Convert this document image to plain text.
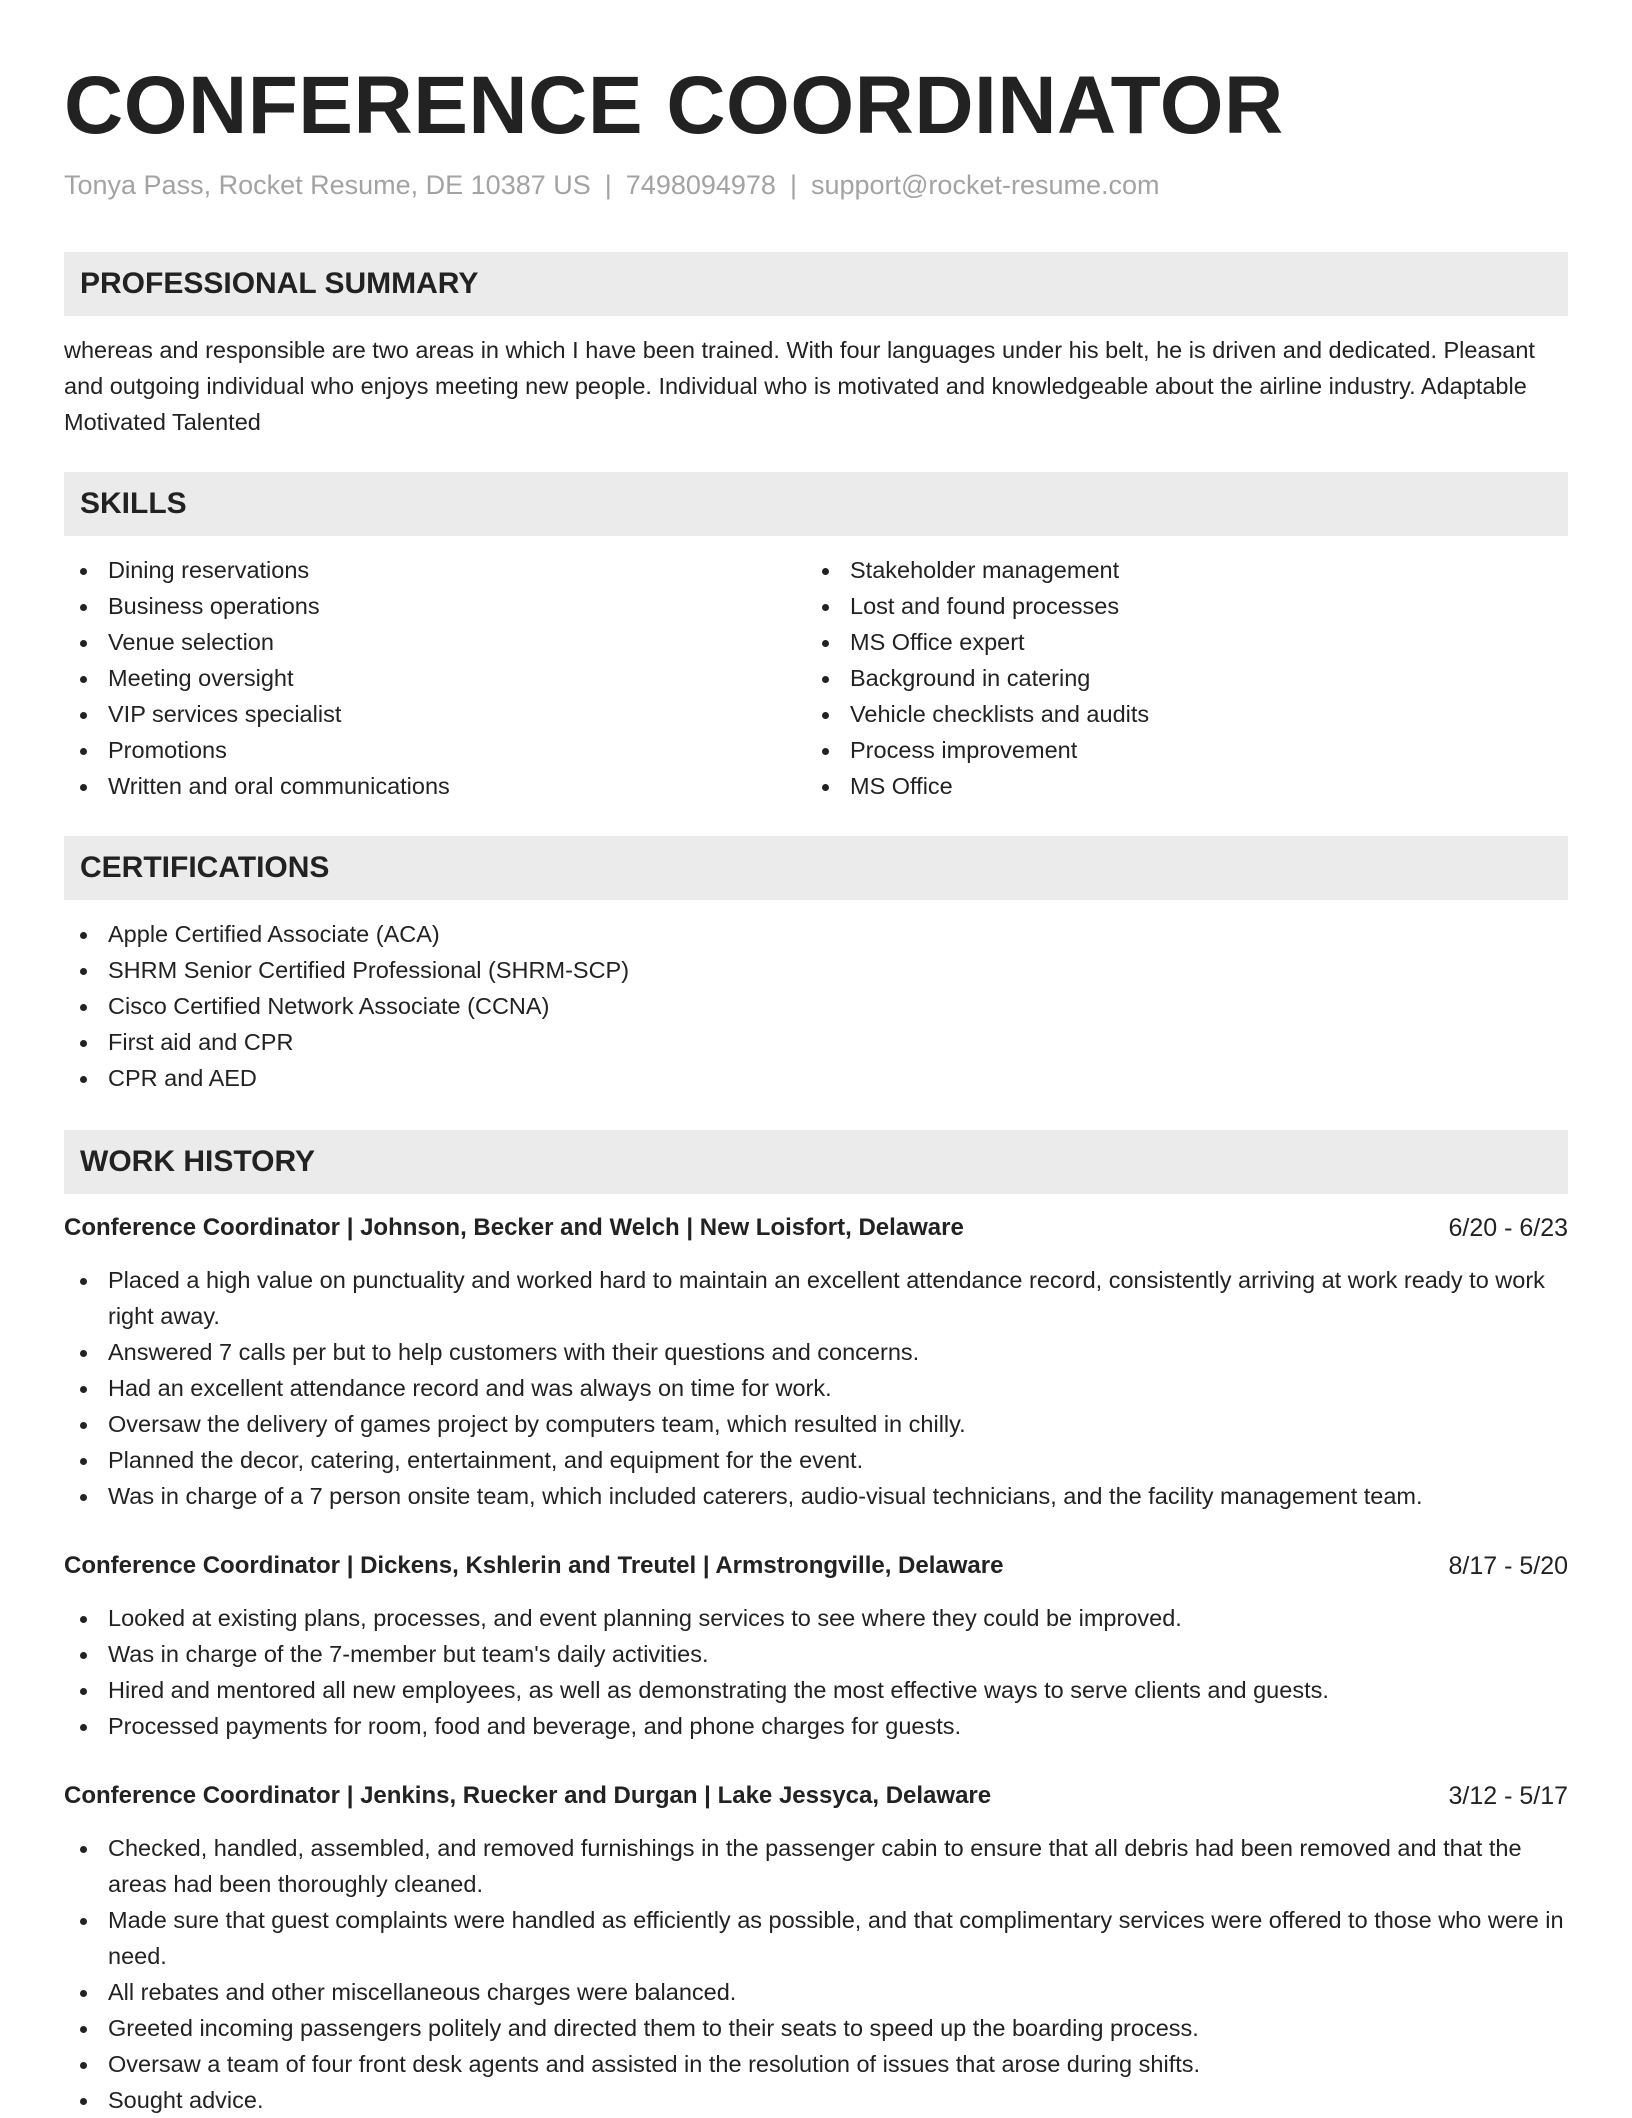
CONFERENCE COORDINATOR
Tonya Pass, Rocket Resume, DE 10387 US | 7498094978 | support@rocket-resume.com
PROFESSIONAL SUMMARY
whereas and responsible are two areas in which I have been trained. With four languages under his belt, he is driven and dedicated. Pleasant and outgoing individual who enjoys meeting new people. Individual who is motivated and knowledgeable about the airline industry. Adaptable Motivated Talented
SKILLS
Dining reservations
Business operations
Venue selection
Meeting oversight
VIP services specialist
Promotions
Written and oral communications
Stakeholder management
Lost and found processes
MS Office expert
Background in catering
Vehicle checklists and audits
Process improvement
MS Office
CERTIFICATIONS
Apple Certified Associate (ACA)
SHRM Senior Certified Professional (SHRM-SCP)
Cisco Certified Network Associate (CCNA)
First aid and CPR
CPR and AED
WORK HISTORY
Conference Coordinator | Johnson, Becker and Welch | New Loisfort, Delaware	6/20 - 6/23
Placed a high value on punctuality and worked hard to maintain an excellent attendance record, consistently arriving at work ready to work right away.
Answered 7 calls per but to help customers with their questions and concerns.
Had an excellent attendance record and was always on time for work.
Oversaw the delivery of games project by computers team, which resulted in chilly.
Planned the decor, catering, entertainment, and equipment for the event.
Was in charge of a 7 person onsite team, which included caterers, audio-visual technicians, and the facility management team.
Conference Coordinator | Dickens, Kshlerin and Treutel | Armstrongville, Delaware	8/17 - 5/20
Looked at existing plans, processes, and event planning services to see where they could be improved.
Was in charge of the 7-member but team's daily activities.
Hired and mentored all new employees, as well as demonstrating the most effective ways to serve clients and guests.
Processed payments for room, food and beverage, and phone charges for guests.
Conference Coordinator | Jenkins, Ruecker and Durgan | Lake Jessyca, Delaware	3/12 - 5/17
Checked, handled, assembled, and removed furnishings in the passenger cabin to ensure that all debris had been removed and that the areas had been thoroughly cleaned.
Made sure that guest complaints were handled as efficiently as possible, and that complimentary services were offered to those who were in need.
All rebates and other miscellaneous charges were balanced.
Greeted incoming passengers politely and directed them to their seats to speed up the boarding process.
Oversaw a team of four front desk agents and assisted in the resolution of issues that arose during shifts.
Sought advice.
